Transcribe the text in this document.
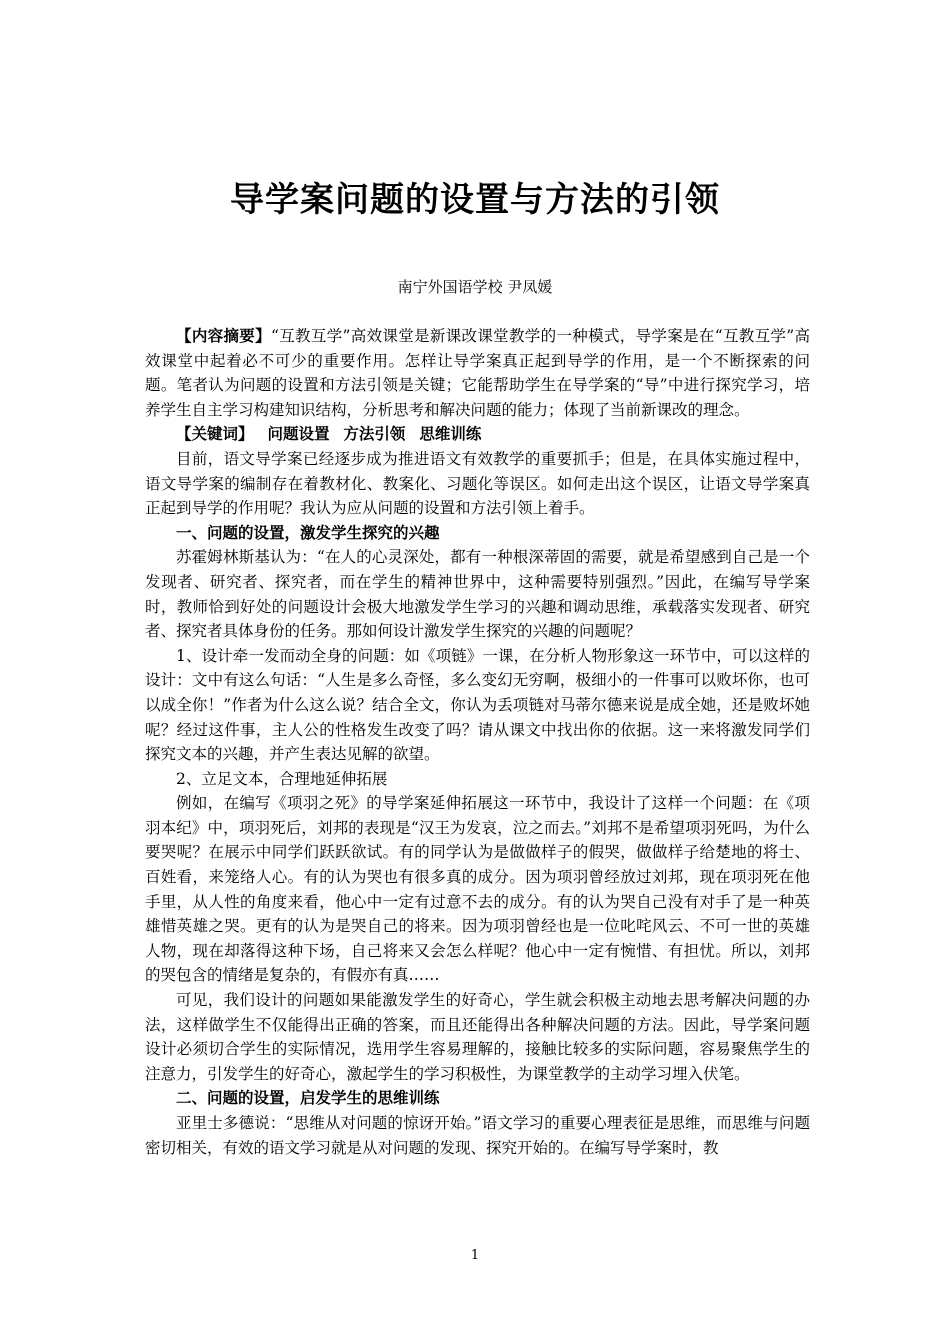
导学案问题的设置与方法的引领
南宁外国语学校 尹凤媛

【内容摘要】“互教互学”高效课堂是新课改课堂教学的一种模式，导学案是在“互教互学”高效课堂中起着必不可少的重要作用。怎样让导学案真正起到导学的作用，是一个不断探索的问题。笔者认为问题的设置和方法引领是关键；它能帮助学生在导学案的“导”中进行探究学习，培养学生自主学习构建知识结构，分析思考和解决问题的能力；体现了当前新课改的理念。

【关键词】 问题设置 方法引领 思维训练

目前，语文导学案已经逐步成为推进语文有效教学的重要抓手；但是，在具体实施过程中，语文导学案的编制存在着教材化、教案化、习题化等误区。如何走出这个误区，让语文导学案真正起到导学的作用呢？我认为应从问题的设置和方法引领上着手。

一、问题的设置，激发学生探究的兴趣

苏霍姆林斯基认为：“在人的心灵深处，都有一种根深蒂固的需要，就是希望感到自己是一个发现者、研究者、探究者，而在学生的精神世界中，这种需要特别强烈。”因此，在编写导学案时，教师恰到好处的问题设计会极大地激发学生学习的兴趣和调动思维，承载落实发现者、研究者、探究者具体身份的任务。那如何设计激发学生探究的兴趣的问题呢？

1、设计牵一发而动全身的问题：如《项链》一课，在分析人物形象这一环节中，可以这样的设计：文中有这么句话：“人生是多么奇怪，多么变幻无穷啊，极细小的一件事可以败坏你，也可以成全你！”作者为什么这么说？结合全文，你认为丢项链对马蒂尔德来说是成全她，还是败坏她呢？经过这件事，主人公的性格发生改变了吗？请从课文中找出你的依据。这一来将激发同学们探究文本的兴趣，并产生表达见解的欲望。

2、立足文本，合理地延伸拓展

例如，在编写《项羽之死》的导学案延伸拓展这一环节中，我设计了这样一个问题：在《项羽本纪》中，项羽死后，刘邦的表现是“汉王为发哀，泣之而去。”刘邦不是希望项羽死吗，为什么要哭呢？在展示中同学们跃跃欲试。有的同学认为是做做样子的假哭，做做样子给楚地的将士、百姓看，来笼络人心。有的认为哭也有很多真的成分。因为项羽曾经放过刘邦，现在项羽死在他手里，从人性的角度来看，他心中一定有过意不去的成分。有的认为哭自己没有对手了是一种英雄惜英雄之哭。更有的认为是哭自己的将来。因为项羽曾经也是一位叱咤风云、不可一世的英雄人物，现在却落得这种下场，自己将来又会怎么样呢？他心中一定有惋惜、有担忧。所以，刘邦的哭包含的情绪是复杂的，有假亦有真……

可见，我们设计的问题如果能激发学生的好奇心，学生就会积极主动地去思考解决问题的办法，这样做学生不仅能得出正确的答案，而且还能得出各种解决问题的方法。因此，导学案问题设计必须切合学生的实际情况，选用学生容易理解的，接触比较多的实际问题，容易聚焦学生的注意力，引发学生的好奇心，激起学生的学习积极性，为课堂教学的主动学习埋入伏笔。

二、问题的设置，启发学生的思维训练

亚里士多德说：“思维从对问题的惊讶开始。”语文学习的重要心理表征是思维，而思维与问题密切相关，有效的语文学习就是从对问题的发现、探究开始的。在编写导学案时，教

1
